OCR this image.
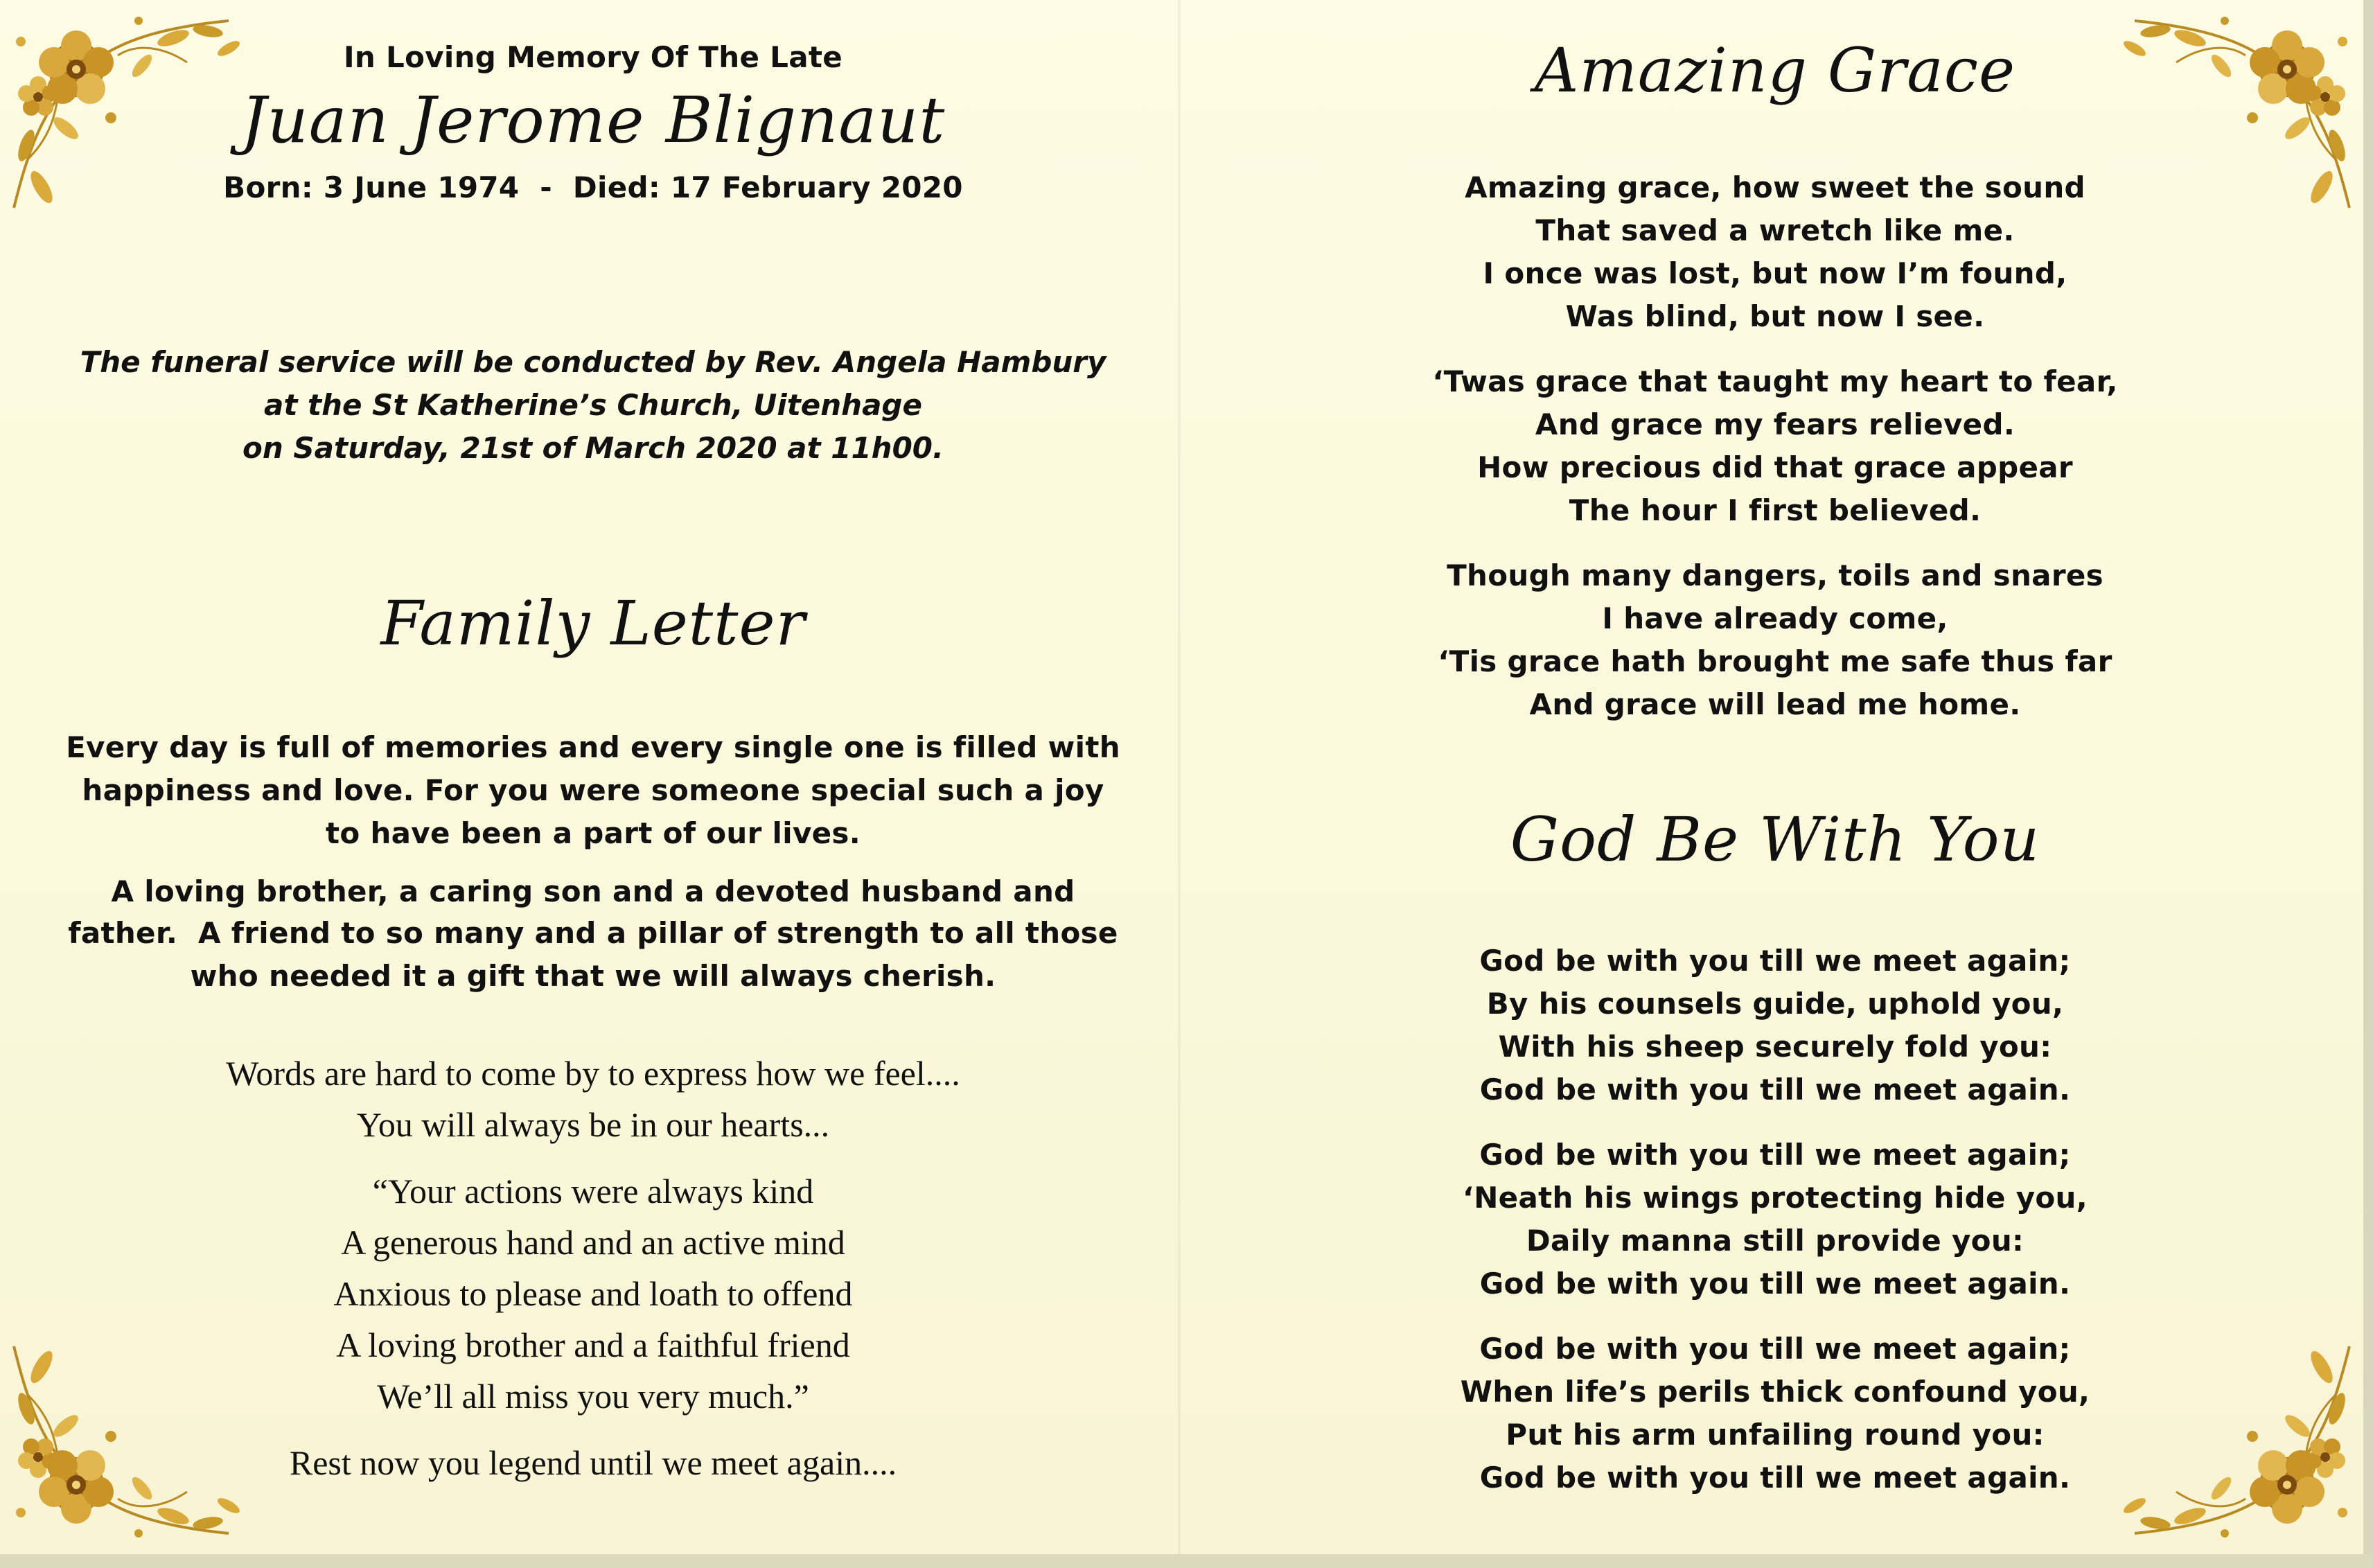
In Loving Memory Of The Late

Juan Jerome Blignaut

Born: 3 June 1974  -  Died: 17 February 2020

The funeral service will be conducted by Rev. Angela Hambury

at the St Katherine’s Church, Uitenhage

on Saturday, 21st of March 2020 at 11h00.

Family Letter

Every day is full of memories and every single one is filled with

happiness and love. For you were someone special such a joy

to have been a part of our lives.

A loving brother, a caring son and a devoted husband and

father.  A friend to so many and a pillar of strength to all those

who needed it a gift that we will always cherish.

Words are hard to come by to express how we feel....

You will always be in our hearts...

“Your actions were always kind

A generous hand and an active mind

Anxious to please and loath to offend

A loving brother and a faithful friend

We’ll all miss you very much.”

Rest now you legend until we meet again....

Amazing Grace

Amazing grace, how sweet the sound

That saved a wretch like me.

I once was lost, but now I’m found,

Was blind, but now I see.

‘Twas grace that taught my heart to fear,

And grace my fears relieved.

How precious did that grace appear

The hour I first believed.

Though many dangers, toils and snares

I have already come,

‘Tis grace hath brought me safe thus far

And grace will lead me home.

God Be With You

God be with you till we meet again;

By his counsels guide, uphold you,

With his sheep securely fold you:

God be with you till we meet again.

God be with you till we meet again;

‘Neath his wings protecting hide you,

Daily manna still provide you:

God be with you till we meet again.

God be with you till we meet again;

When life’s perils thick confound you,

Put his arm unfailing round you:

God be with you till we meet again.
